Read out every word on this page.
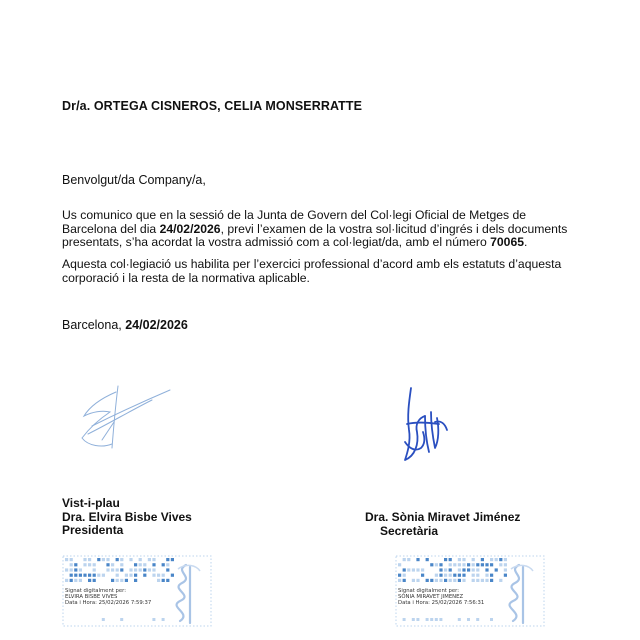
Dr/a. ORTEGA CISNEROS, CELIA MONSERRATTE
Benvolgut/da Company/a,
Us comunico que en la sessió de la Junta de Govern del Col·legi Oficial de Metges de Barcelona del dia 24/02/2026, previ l’examen de la vostra sol·licitud d’ingrés i dels documents presentats, s’ha acordat la vostra admissió com a col·legiat/da, amb el número 70065.
Aquesta col·legiació us habilita per l’exercici professional d’acord amb els estatuts d’aquesta corporació i la resta de la normativa aplicable.
Barcelona, 24/02/2026
Vist-i-plau
Dra. Elvira Bisbe Vives
Presidenta
Dra. Sònia Miravet Jiménez
Secretària
Signat digitalment per:
ELVIRA BISBE VIVES
Data i Hora: 25/02/2026 7:59:37
Signat digitalment per:
SÒNIA MIRAVET JIMENEZ
Data i Hora: 25/02/2026 7:56:31
